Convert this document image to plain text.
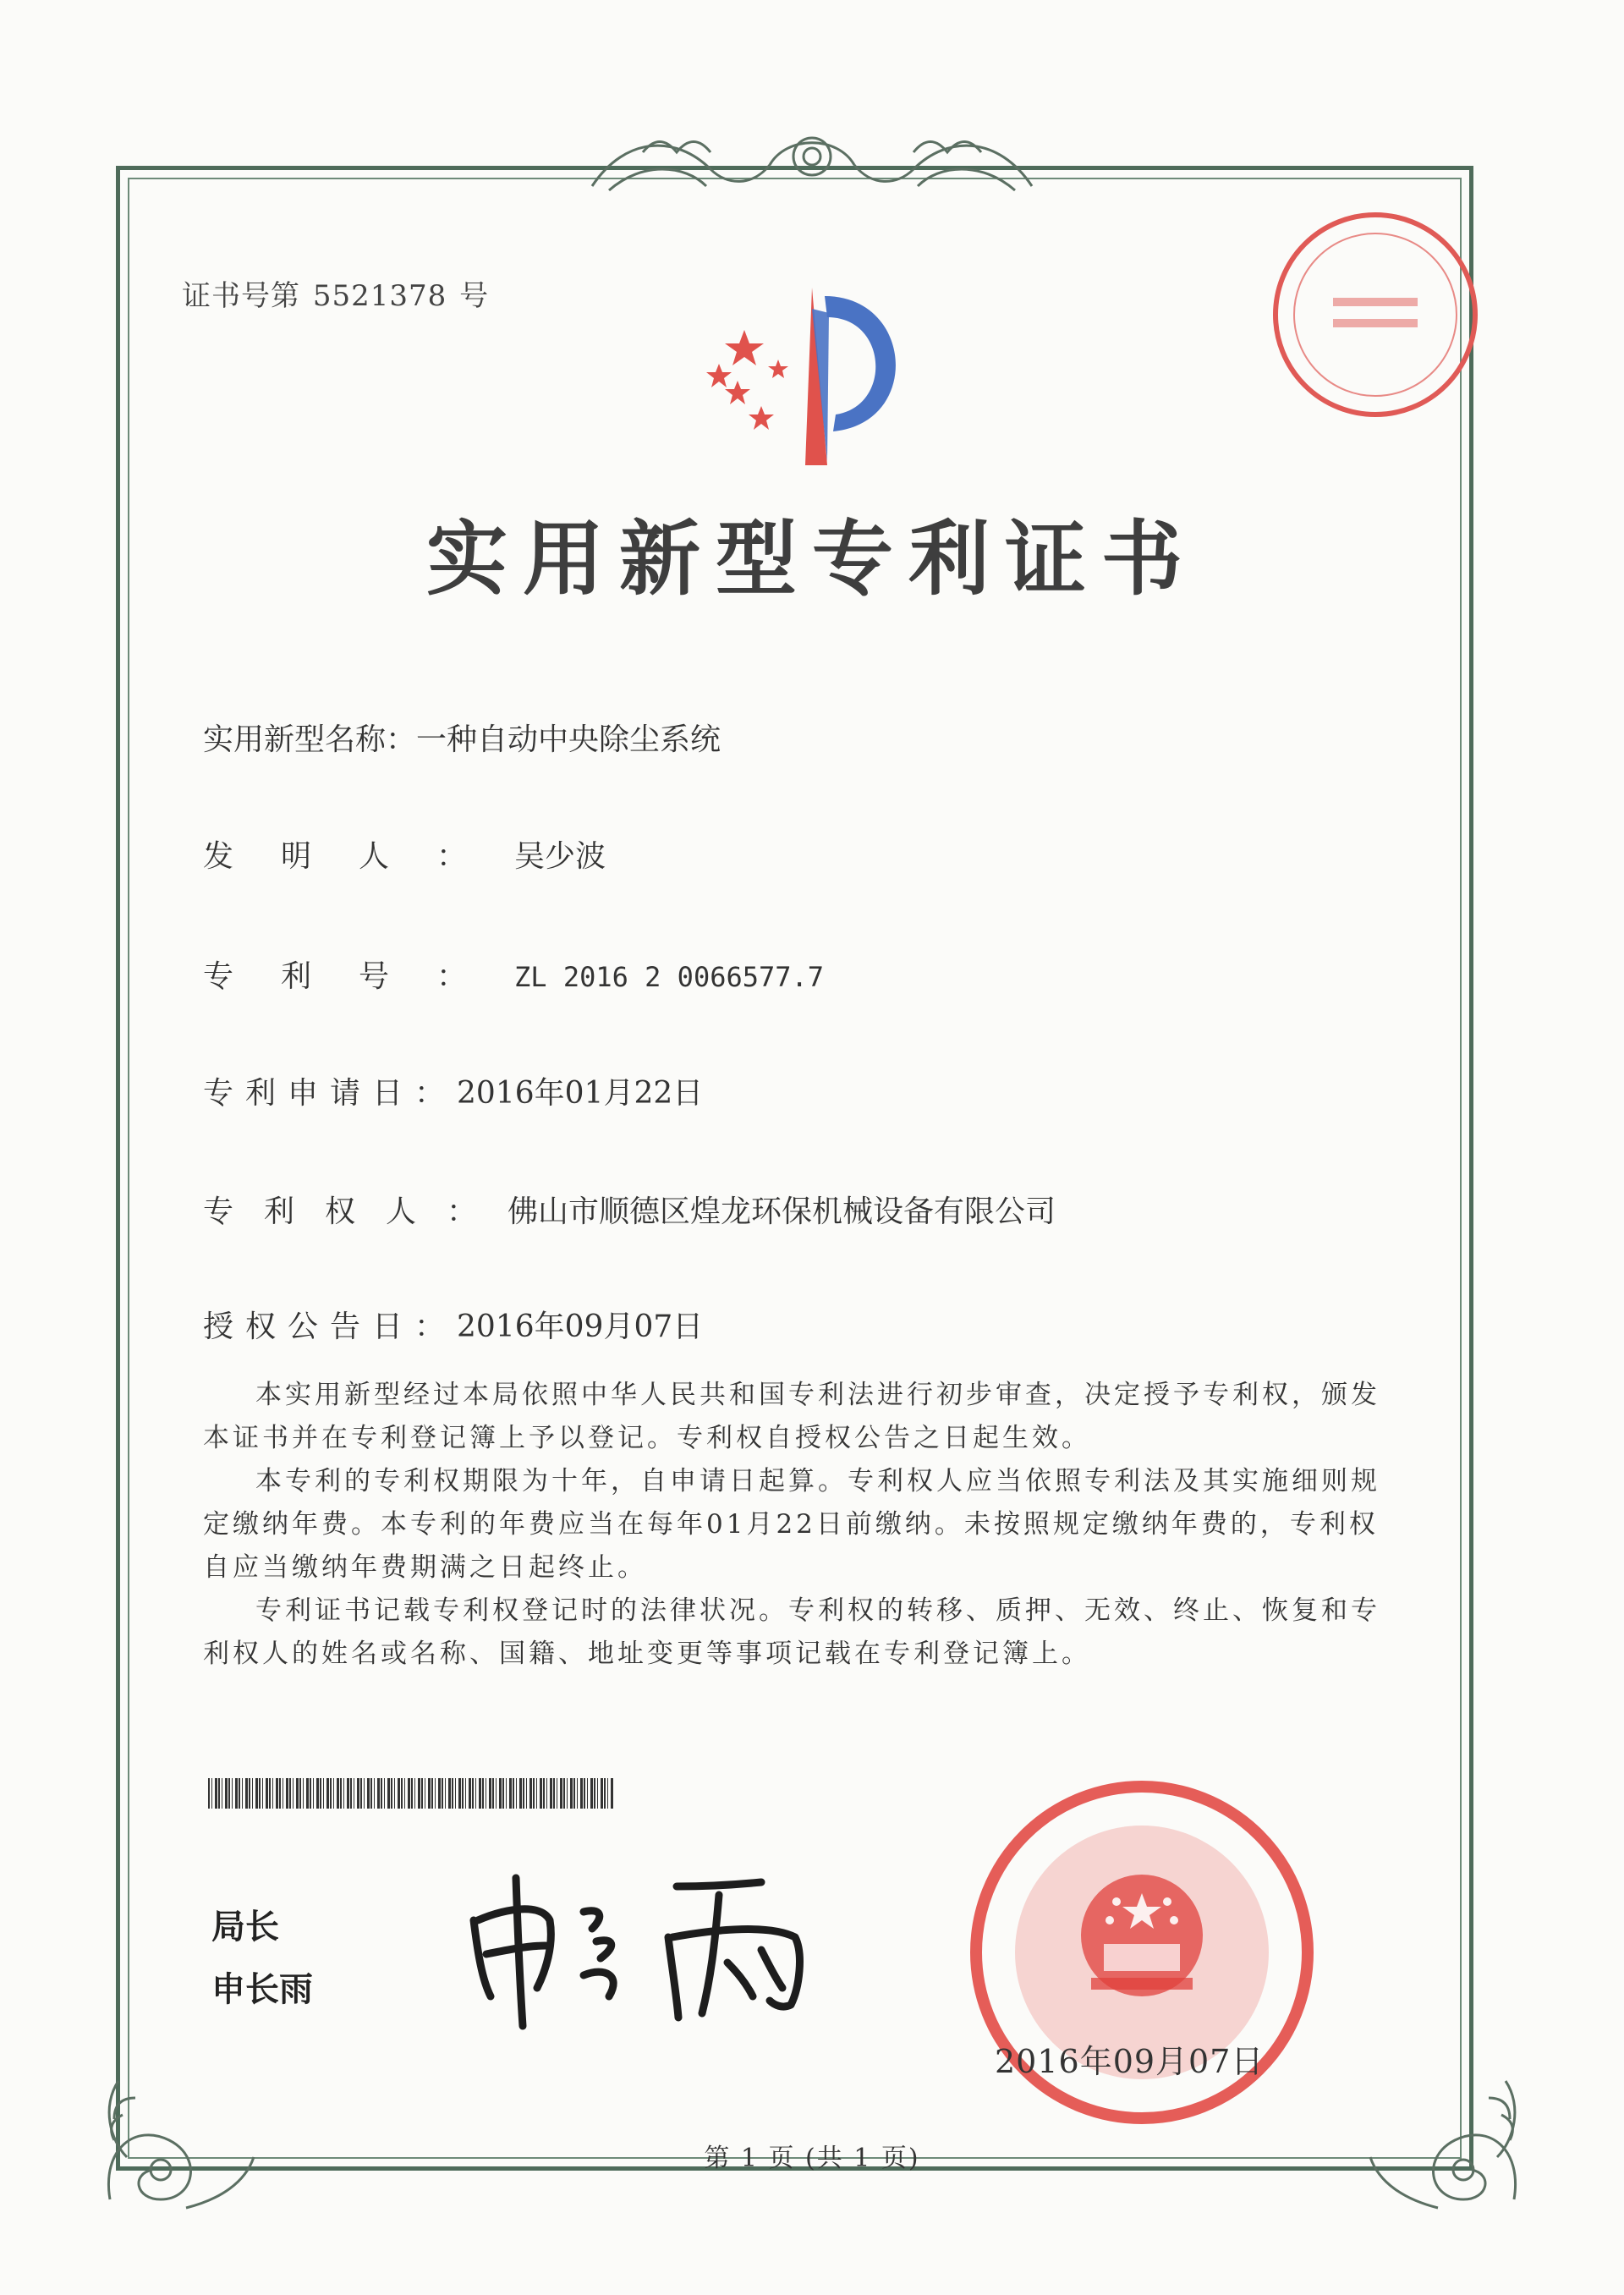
证书号第 5521378 号
实用新型专利证书
实用新型名称：一种自动中央除尘系统
发明人：吴少波
专利号：ZL 2016 2 0066577.7
专利申请日：2016年01月22日
专利权人：佛山市顺德区煌龙环保机械设备有限公司
授权公告日：2016年09月07日

本实用新型经过本局依照中华人民共和国专利法进行初步审查，决定授予专利权，颁发本证书并在专利登记簿上予以登记。专利权自授权公告之日起生效。

本专利的专利权期限为十年，自申请日起算。专利权人应当依照专利法及其实施细则规定缴纳年费。本专利的年费应当在每年01月22日前缴纳。未按照规定缴纳年费的，专利权自应当缴纳年费期满之日起终止。

专利证书记载专利权登记时的法律状况。专利权的转移、质押、无效、终止、恢复和专利权人的姓名或名称、国籍、地址变更等事项记载在专利登记簿上。

局长
申长雨
2016年09月07日
第 1 页 (共 1 页)
